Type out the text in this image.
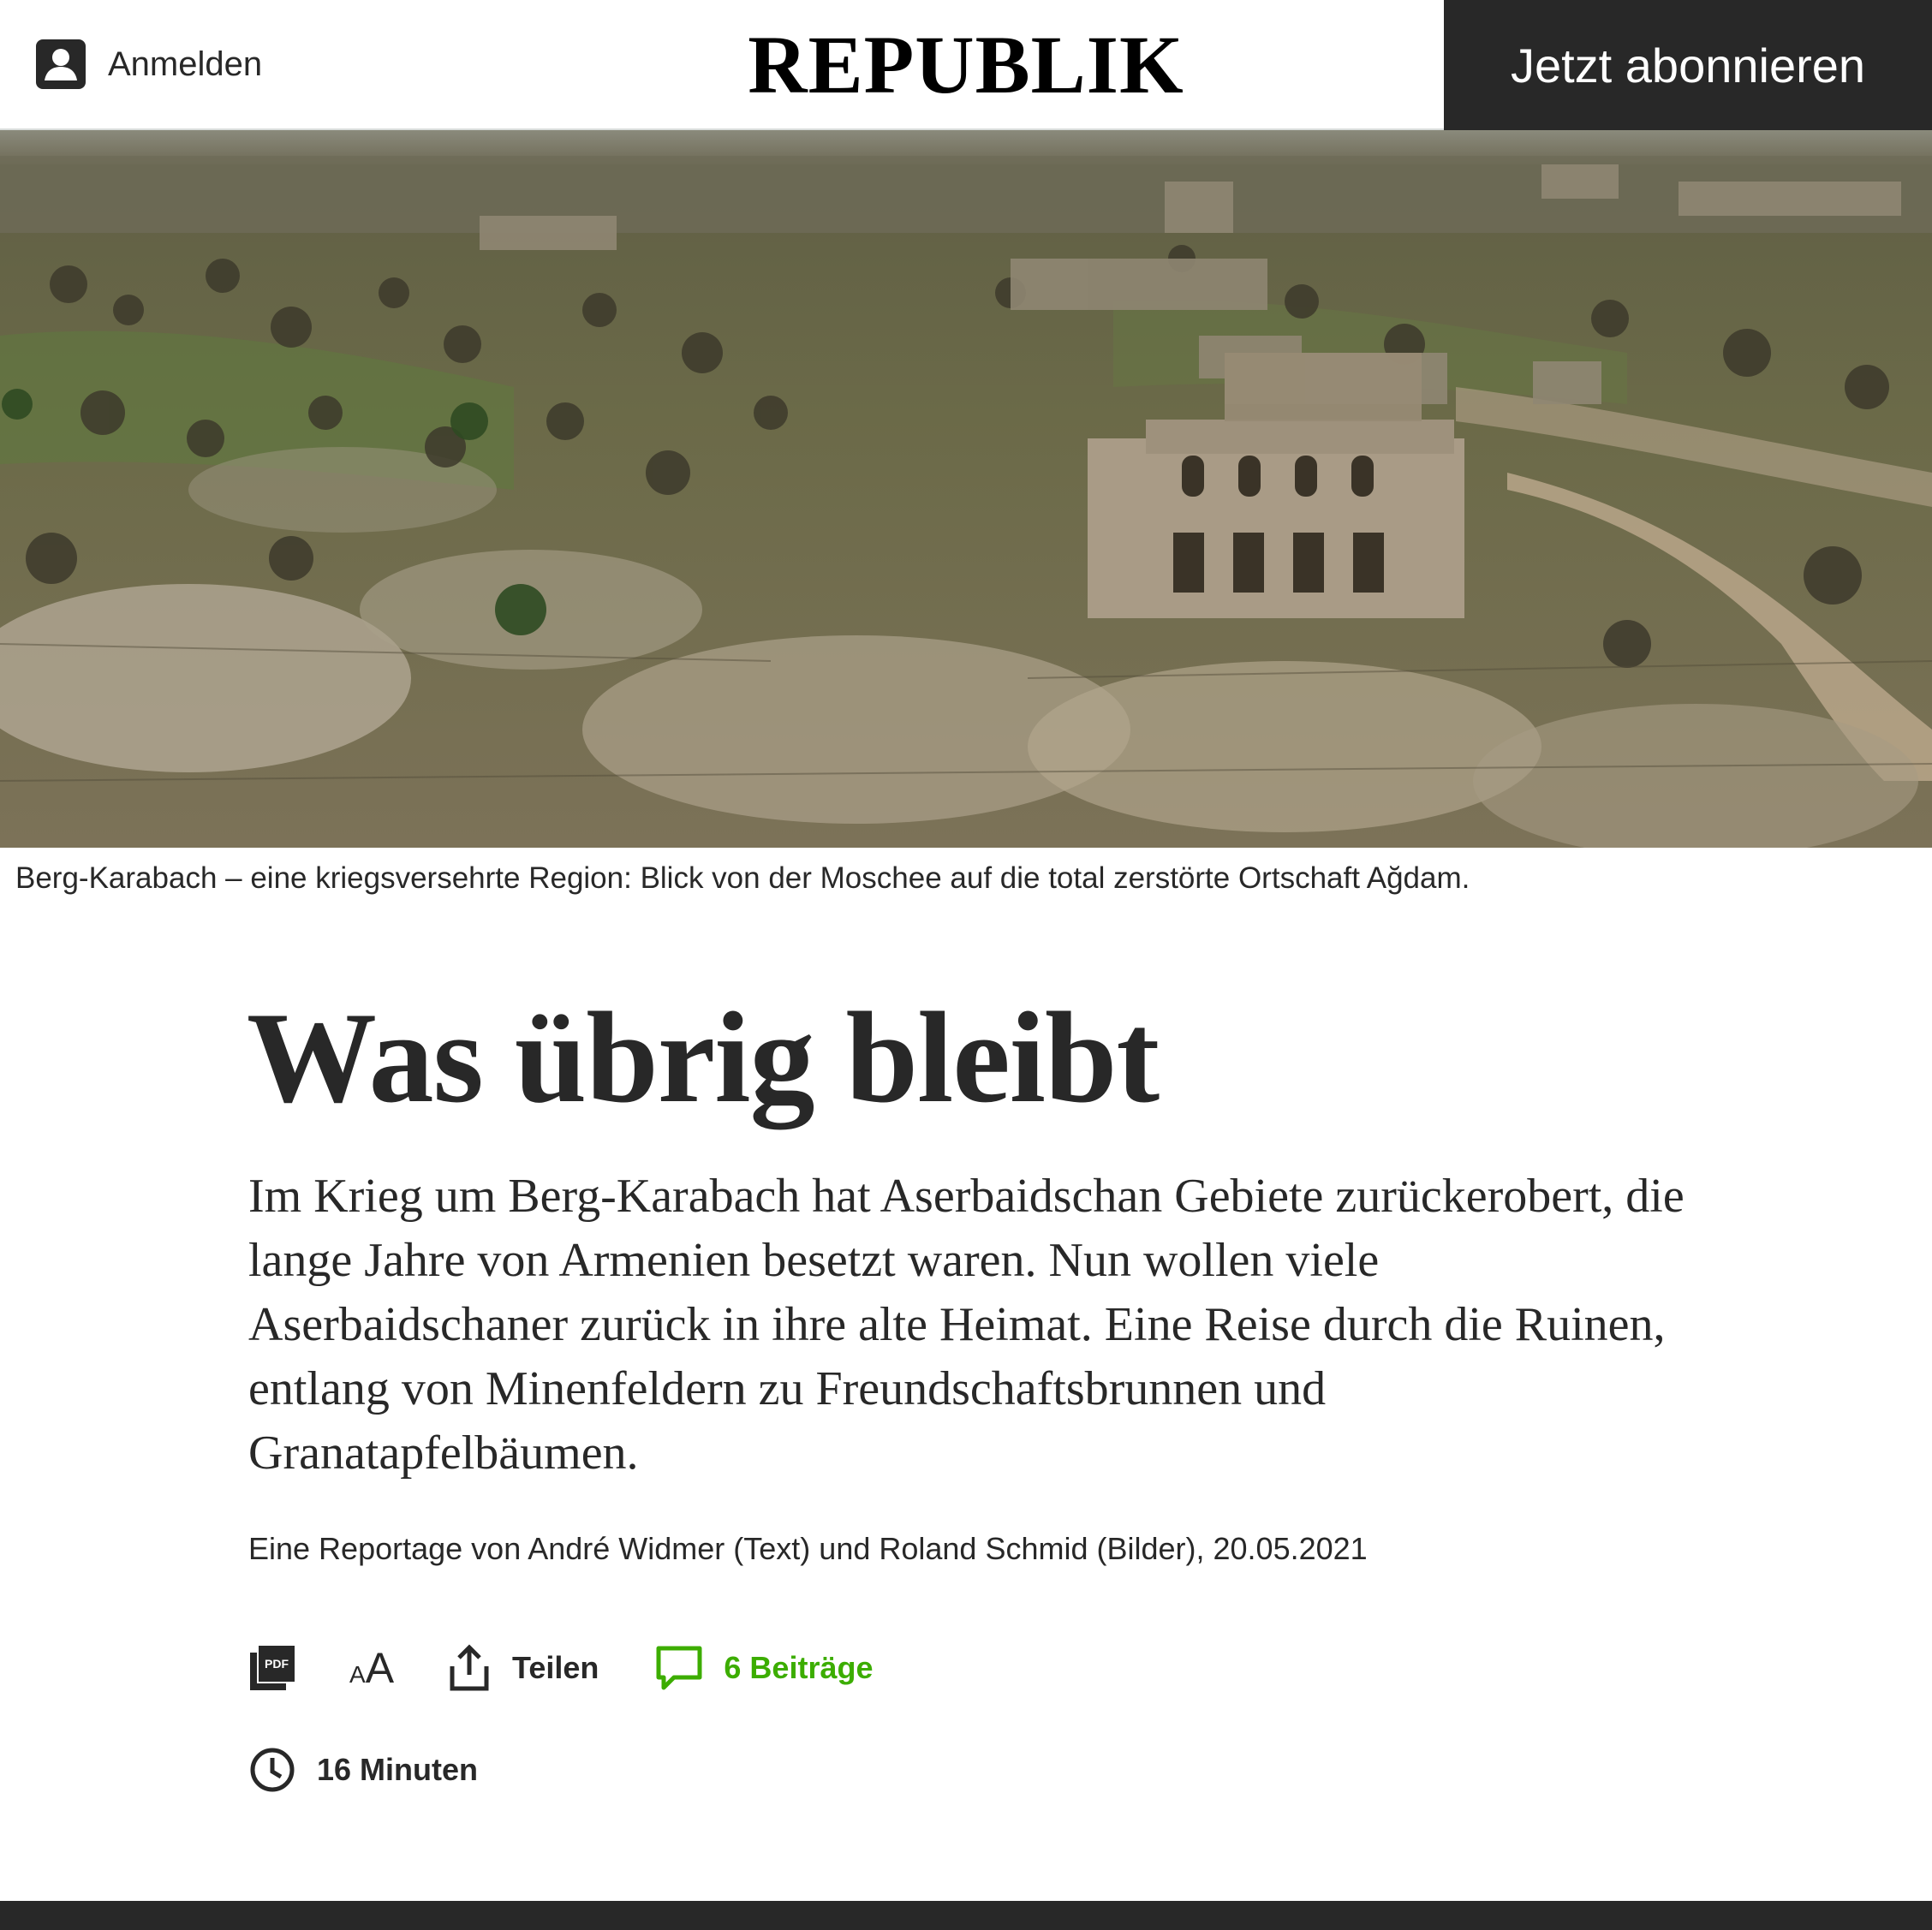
Anmelden	REPUBLIK	Jetzt abonnieren

Berg-Karabach – eine kriegsversehrte Region: Blick von der Moschee auf die total zerstörte Ortschaft Ağdam.

Was übrig bleibt

Im Krieg um Berg-Karabach hat Aserbaidschan Gebiete zurückerobert, die lange Jahre von Armenien besetzt waren. Nun wollen viele Aserbaidschaner zurück in ihre alte Heimat. Eine Reise durch die Ruinen, entlang von Minenfeldern zu Freundschaftsbrunnen und Granatapfelbäumen.

Eine Reportage von André Widmer (Text) und Roland Schmid (Bilder), 20.05.2021

PDF	AA	Teilen	6 Beiträge
16 Minuten
